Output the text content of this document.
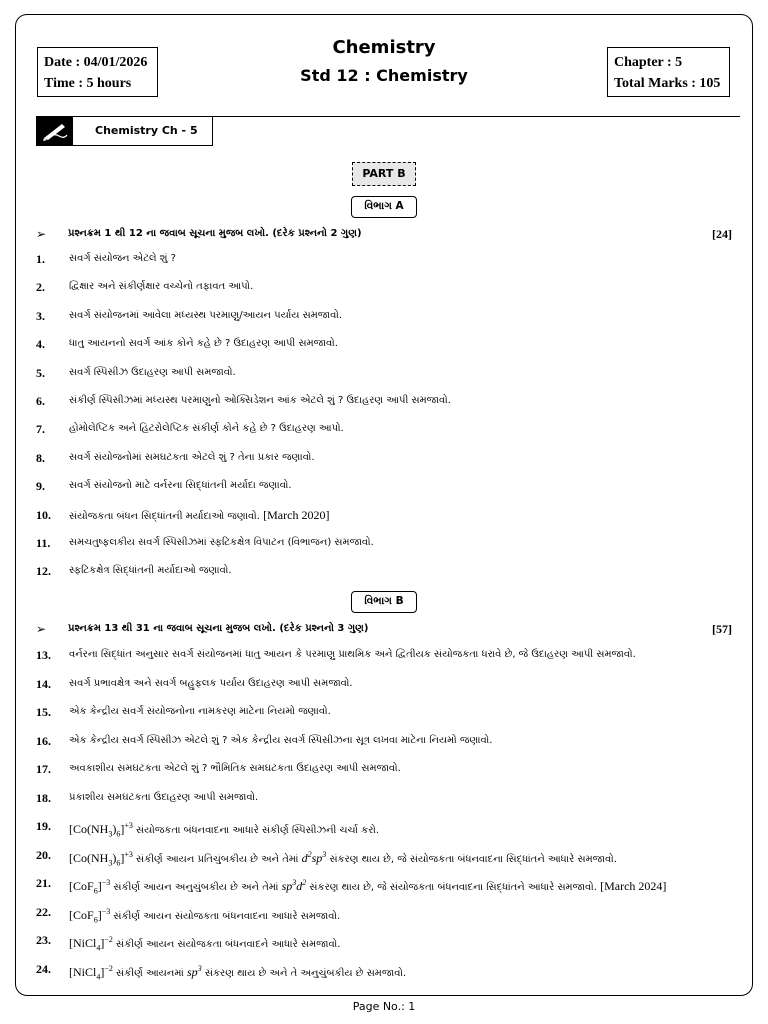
Date : 04/01/2026
Time : 5 hours
Chemistry
Std 12 : Chemistry
Chapter : 5
Total Marks : 105
Chemistry Ch - 5
PART B
વિભાગ A
➢ પ્રશ્નક્રમ 1 થી 12 ના જવાબ સૂચના મુજબ લખો. (દરેક પ્રશ્નનો 2 ગુણ)	[24]
1. સવર્ગ સંયોજન એટલે શું ?
2. દ્વિક્ષાર અને સંકીર્ણક્ષાર વચ્ચેનો તફાવત આપો.
3. સવર્ગ સંયોજનમાં આવેલા મધ્યસ્થ પરમાણુ/આયન પર્યાય સમજાવો.
4. ધાતુ આયનનો સવર્ગ આંક કોને કહે છે ? ઉદાહરણ આપી સમજાવો.
5. સવર્ગ સ્પિસીઝ ઉદાહરણ આપી સમજાવો.
6. સંકીર્ણ સ્પિસીઝમાં મધ્યસ્થ પરમાણુનો ઓક્સિડેશન આંક એટલે શું ? ઉદાહરણ આપી સમજાવો.
7. હોમોલેપ્ટિક અને હિટરોલેપ્ટિક સંકીર્ણ કોને કહે છે ? ઉદાહરણ આપો.
8. સવર્ગ સંયોજનોમાં સમઘટકતા એટલે શું ? તેના પ્રકાર જણાવો.
9. સવર્ગ સંયોજનો માટે વર્નરના સિદ્ધાંતની મર્યાદા જણાવો.
10. સંયોજકતા બંધન સિદ્ધાંતની મર્યાદાઓ જણાવો. [March 2020]
11. સમચતુષ્ફલકીય સવર્ગ સ્પિસીઝમાં સ્ફટિકક્ષેત્ર વિપાટન (વિભાજન) સમજાવો.
12. સ્ફટિકક્ષેત્ર સિદ્ધાંતની મર્યાદાઓ જણાવો.
વિભાગ B
➢ પ્રશ્નક્રમ 13 થી 31 ના જવાબ સૂચના મુજબ લખો. (દરેક પ્રશ્નનો 3 ગુણ)	[57]
13. વર્નરના સિદ્ધાંત અનુસાર સવર્ગ સંયોજનમાં ધાતુ આયન કે પરમાણુ પ્રાથમિક અને દ્વિતીયક સંયોજકતા ધરાવે છે, જે ઉદાહરણ આપી સમજાવો.
14. સવર્ગ પ્રભાવક્ષેત્ર અને સવર્ગ બહુફલક પર્યાય ઉદાહરણ આપી સમજાવો.
15. એક કેન્દ્રીય સવર્ગ સંયોજનોના નામકરણ માટેના નિયમો જણાવો.
16. એક કેન્દ્રીય સવર્ગ સ્પિસીઝ એટલે શું ? એક કેન્દ્રીય સવર્ગ સ્પિસીઝના સૂત્ર લખવા માટેના નિયમો જણાવો.
17. અવકાશીય સમઘટકતા એટલે શું ? ભૌમિતિક સમઘટકતા ઉદાહરણ આપી સમજાવો.
18. પ્રકાશીય સમઘટકતા ઉદાહરણ આપી સમજાવો.
19. $[Co(NH_3)_6]^{+3}$ સંયોજકતા બંધનવાદના આધારે સંકીર્ણ સ્પિસીઝની ચર્ચા કરો.
20. $[Co(NH_3)_6]^{+3}$ સંકીર્ણ આયન પ્રતિચુંબકીય છે અને તેમાં $d^2sp^3$ સંકરણ થાય છે, જે સંયોજકતા બંધનવાદના સિદ્ધાંતને આધારે સમજાવો.
21. $[CoF_6]^{-3}$ સંકીર્ણ આયન અનુચુંબકીય છે અને તેમાં $sp^3d^2$ સંકરણ થાય છે, જે સંયોજકતા બંધનવાદના સિદ્ધાંતને આધારે સમજાવો. [March 2024]
22. $[CoF_6]^{-3}$ સંકીર્ણ આયન સંયોજકતા બંધનવાદના આધારે સમજાવો.
23. [NiCl$_4$]$^{-2}$ સંકીર્ણ આયન સંયોજકતા બંધનવાદને આધારે સમજાવો.
24. [NiCl$_4$]$^{-2}$ સંકીર્ણ આયનમાં $sp^3$ સંકરણ થાય છે અને તે અનુચુંબકીય છે સમજાવો.
Page No.: 1
